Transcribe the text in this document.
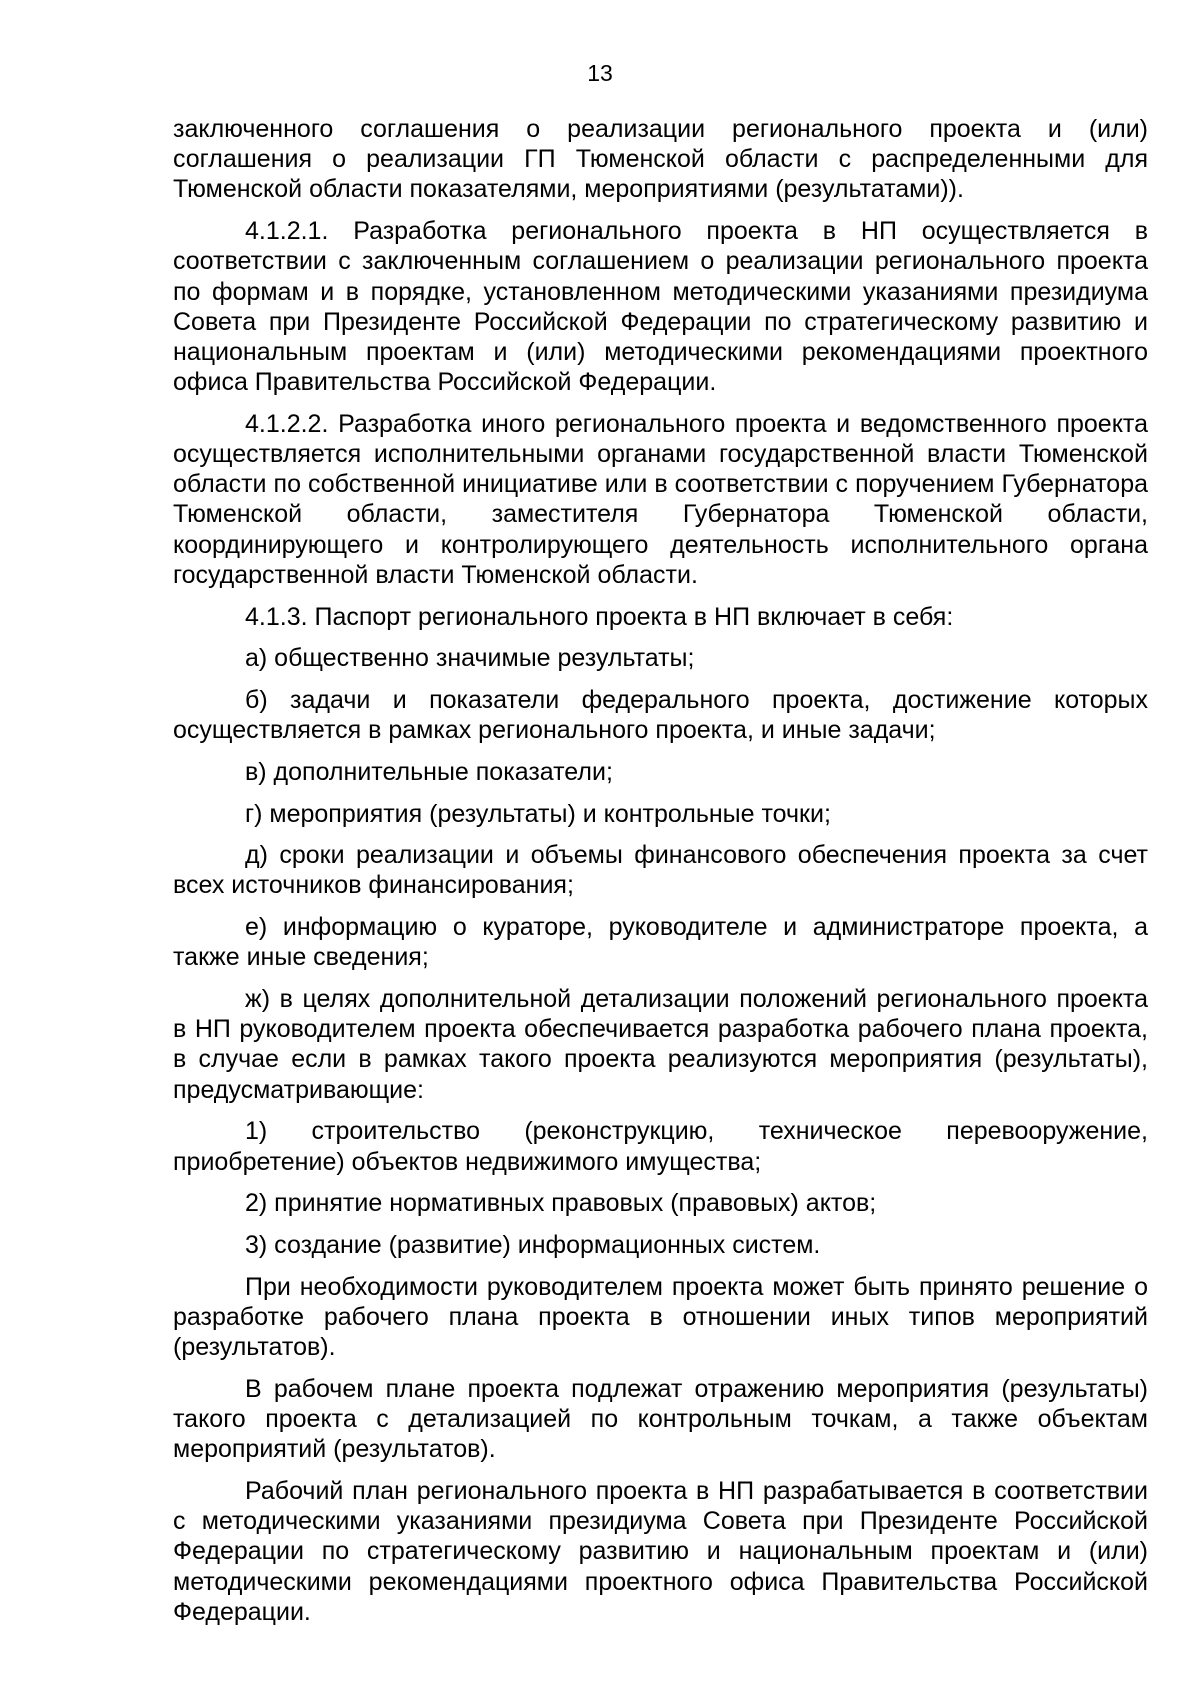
13

заключенного соглашения о реализации регионального проекта и (или) соглашения о реализации ГП Тюменской области с распределенными для Тюменской области показателями, мероприятиями (результатами)).

4.1.2.1. Разработка регионального проекта в НП осуществляется в соответствии с заключенным соглашением о реализации регионального проекта по формам и в порядке, установленном методическими указаниями президиума Совета при Президенте Российской Федерации по стратегическому развитию и национальным проектам и (или) методическими рекомендациями проектного офиса Правительства Российской Федерации.

4.1.2.2. Разработка иного регионального проекта и ведомственного проекта осуществляется исполнительными органами государственной власти Тюменской области по собственной инициативе или в соответствии с поручением Губернатора Тюменской области, заместителя Губернатора Тюменской области, координирующего и контролирующего деятельность исполнительного органа государственной власти Тюменской области.

4.1.3. Паспорт регионального проекта в НП включает в себя:

а) общественно значимые результаты;

б) задачи и показатели федерального проекта, достижение которых осуществляется в рамках регионального проекта, и иные задачи;

в) дополнительные показатели;

г) мероприятия (результаты) и контрольные точки;

д) сроки реализации и объемы финансового обеспечения проекта за счет всех источников финансирования;

е) информацию о кураторе, руководителе и администраторе проекта, а также иные сведения;

ж) в целях дополнительной детализации положений регионального проекта в НП руководителем проекта обеспечивается разработка рабочего плана проекта, в случае если в рамках такого проекта реализуются мероприятия (результаты), предусматривающие:

1) строительство (реконструкцию, техническое перевооружение, приобретение) объектов недвижимого имущества;

2) принятие нормативных правовых (правовых) актов;

3) создание (развитие) информационных систем.

При необходимости руководителем проекта может быть принято решение о разработке рабочего плана проекта в отношении иных типов мероприятий (результатов).

В рабочем плане проекта подлежат отражению мероприятия (результаты) такого проекта с детализацией по контрольным точкам, а также объектам мероприятий (результатов).

Рабочий план регионального проекта в НП разрабатывается в соответствии с методическими указаниями президиума Совета при Президенте Российской Федерации по стратегическому развитию и национальным проектам и (или) методическими рекомендациями проектного офиса Правительства Российской Федерации.
